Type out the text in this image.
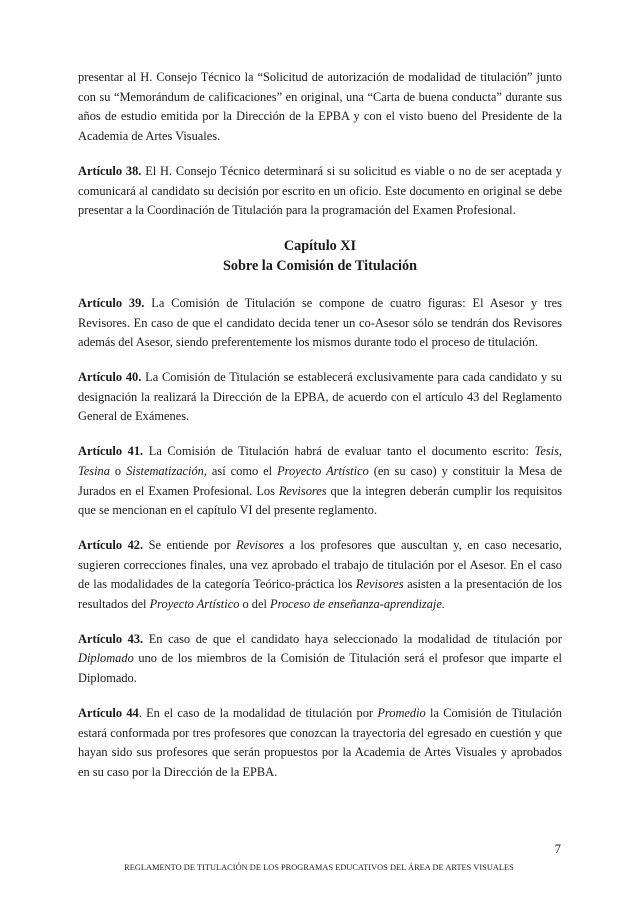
presentar al H. Consejo Técnico la “Solicitud de autorización de modalidad de titulación” junto con su “Memorándum de calificaciones” en original, una “Carta de buena conducta” durante sus años de estudio emitida por la Dirección de la EPBA y con el visto bueno del Presidente de la Academia de Artes Visuales.

Artículo 38. El H. Consejo Técnico determinará si su solicitud es viable o no de ser aceptada y comunicará al candidato su decisión por escrito en un oficio. Este documento en original se debe presentar a la Coordinación de Titulación para la programación del Examen Profesional.

Capítulo XI
Sobre la Comisión de Titulación

Artículo 39. La Comisión de Titulación se compone de cuatro figuras: El Asesor y tres Revisores. En caso de que el candidato decida tener un co-Asesor sólo se tendrán dos Revisores además del Asesor, siendo preferentemente los mismos durante todo el proceso de titulación.

Artículo 40. La Comisión de Titulación se establecerá exclusivamente para cada candidato y su designación la realizará la Dirección de la EPBA, de acuerdo con el artículo 43 del Reglamento General de Exámenes.

Artículo 41. La Comisión de Titulación habrá de evaluar tanto el documento escrito: Tesis, Tesina o Sistematización, así como el Proyecto Artístico (en su caso) y constituir la Mesa de Jurados en el Examen Profesional. Los Revisores que la integren deberán cumplir los requisitos que se mencionan en el capítulo VI del presente reglamento.

Artículo 42. Se entiende por Revisores a los profesores que auscultan y, en caso necesario, sugieren correcciones finales, una vez aprobado el trabajo de titulación por el Asesor. En el caso de las modalidades de la categoría Teórico-práctica los Revisores asisten a la presentación de los resultados del Proyecto Artístico o del Proceso de enseñanza-aprendizaje.

Artículo 43. En caso de que el candidato haya seleccionado la modalidad de titulación por Diplomado uno de los miembros de la Comisión de Titulación será el profesor que imparte el Diplomado.

Artículo 44. En el caso de la modalidad de titulación por Promedio la Comisión de Titulación estará conformada por tres profesores que conozcan la trayectoria del egresado en cuestión y que hayan sido sus profesores que serán propuestos por la Academia de Artes Visuales y aprobados en su caso por la Dirección de la EPBA.

7
REGLAMENTO DE TITULACIÓN DE LOS PROGRAMAS EDUCATIVOS DEL ÁREA DE ARTES VISUALES
